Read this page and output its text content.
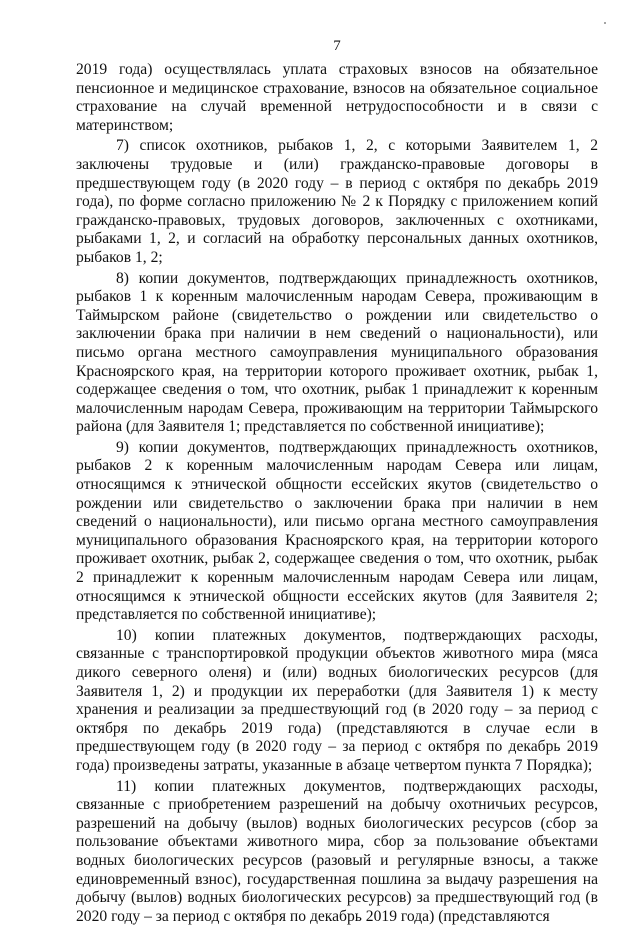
7

2019 года) осуществлялась уплата страховых взносов на обязательное пенсионное и медицинское страхование, взносов на обязательное социальное страхование на случай временной нетрудоспособности и в связи с материнством;

7) список охотников, рыбаков 1, 2, с которыми Заявителем 1, 2 заключены трудовые и (или) гражданско-правовые договоры в предшествующем году (в 2020 году – в период с октября по декабрь 2019 года), по форме согласно приложению № 2 к Порядку с приложением копий гражданско-правовых, трудовых договоров, заключенных с охотниками, рыбаками 1, 2, и согласий на обработку персональных данных охотников, рыбаков 1, 2;

8) копии документов, подтверждающих принадлежность охотников, рыбаков 1 к коренным малочисленным народам Севера, проживающим в Таймырском районе (свидетельство о рождении или свидетельство о заключении брака при наличии в нем сведений о национальности), или письмо органа местного самоуправления муниципального образования Красноярского края, на территории которого проживает охотник, рыбак 1, содержащее сведения о том, что охотник, рыбак 1 принадлежит к коренным малочисленным народам Севера, проживающим на территории Таймырского района (для Заявителя 1; представляется по собственной инициативе);

9) копии документов, подтверждающих принадлежность охотников, рыбаков 2 к коренным малочисленным народам Севера или лицам, относящимся к этнической общности ессейских якутов (свидетельство о рождении или свидетельство о заключении брака при наличии в нем сведений о национальности), или письмо органа местного самоуправления муниципального образования Красноярского края, на территории которого проживает охотник, рыбак 2, содержащее сведения о том, что охотник, рыбак 2 принадлежит к коренным малочисленным народам Севера или лицам, относящимся к этнической общности ессейских якутов (для Заявителя 2; представляется по собственной инициативе);

10) копии платежных документов, подтверждающих расходы, связанные с транспортировкой продукции объектов животного мира (мяса дикого северного оленя) и (или) водных биологических ресурсов (для Заявителя 1, 2) и продукции их переработки (для Заявителя 1) к месту хранения и реализации за предшествующий год (в 2020 году – за период с октября по декабрь 2019 года) (представляются в случае если в предшествующем году (в 2020 году – за период с октября по декабрь 2019 года) произведены затраты, указанные в абзаце четвертом пункта 7 Порядка);

11) копии платежных документов, подтверждающих расходы, связанные с приобретением разрешений на добычу охотничьих ресурсов, разрешений на добычу (вылов) водных биологических ресурсов (сбор за пользование объектами животного мира, сбор за пользование объектами водных биологических ресурсов (разовый и регулярные взносы, а также единовременный взнос), государственная пошлина за выдачу разрешения на добычу (вылов) водных биологических ресурсов) за предшествующий год (в 2020 году – за период с октября по декабрь 2019 года) (представляются
